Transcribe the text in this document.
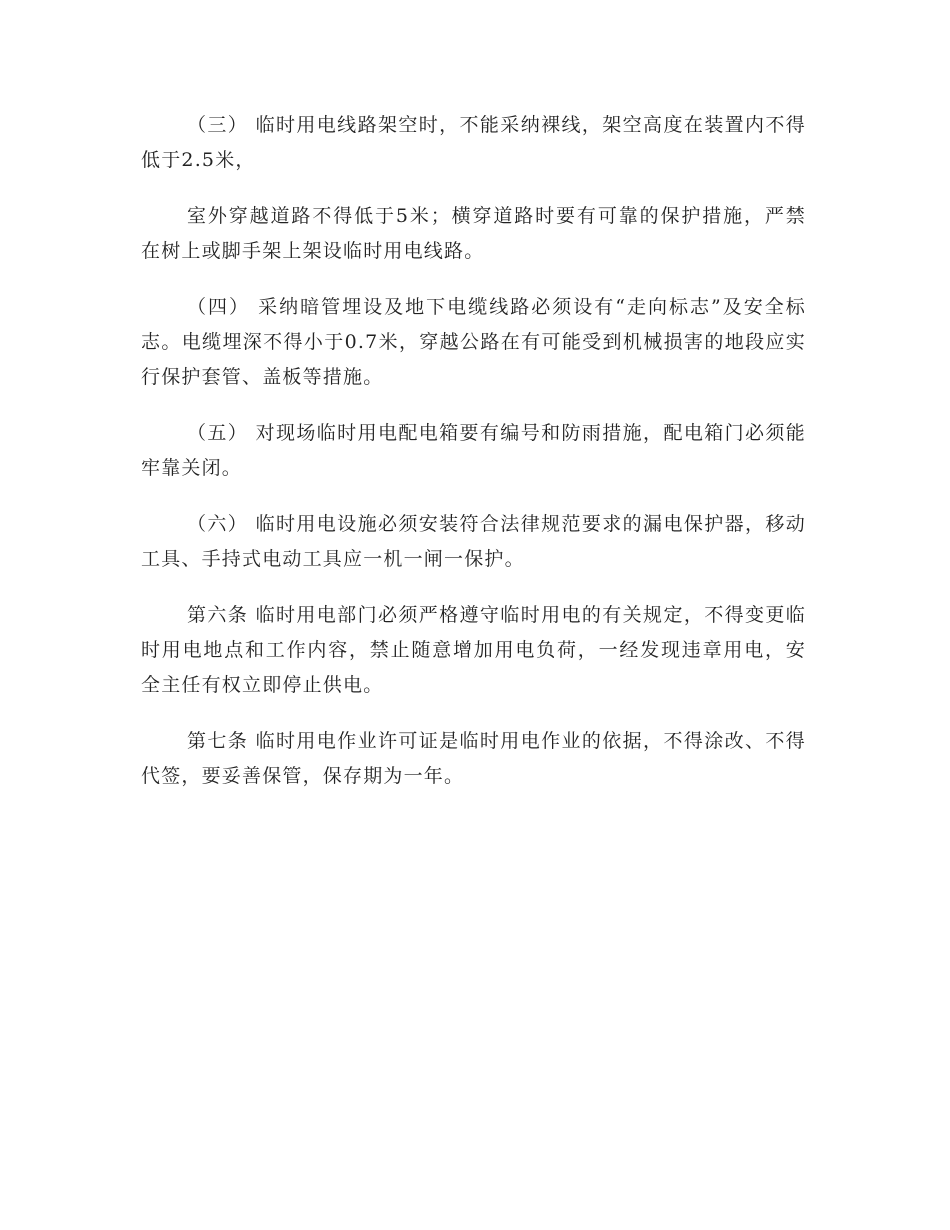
（三） 临时用电线路架空时，不能采纳裸线，架空高度在装置内不得低于2.5米，

室外穿越道路不得低于5米；横穿道路时要有可靠的保护措施，严禁在树上或脚手架上架设临时用电线路。

（四） 采纳暗管埋设及地下电缆线路必须设有“走向标志”及安全标志。电缆埋深不得小于0.7米，穿越公路在有可能受到机械损害的地段应实行保护套管、盖板等措施。

（五） 对现场临时用电配电箱要有编号和防雨措施，配电箱门必须能牢靠关闭。

（六） 临时用电设施必须安装符合法律规范要求的漏电保护器，移动工具、手持式电动工具应一机一闸一保护。

第六条 临时用电部门必须严格遵守临时用电的有关规定，不得变更临时用电地点和工作内容，禁止随意增加用电负荷，一经发现违章用电，安全主任有权立即停止供电。

第七条 临时用电作业许可证是临时用电作业的依据，不得涂改、不得代签，要妥善保管，保存期为一年。
